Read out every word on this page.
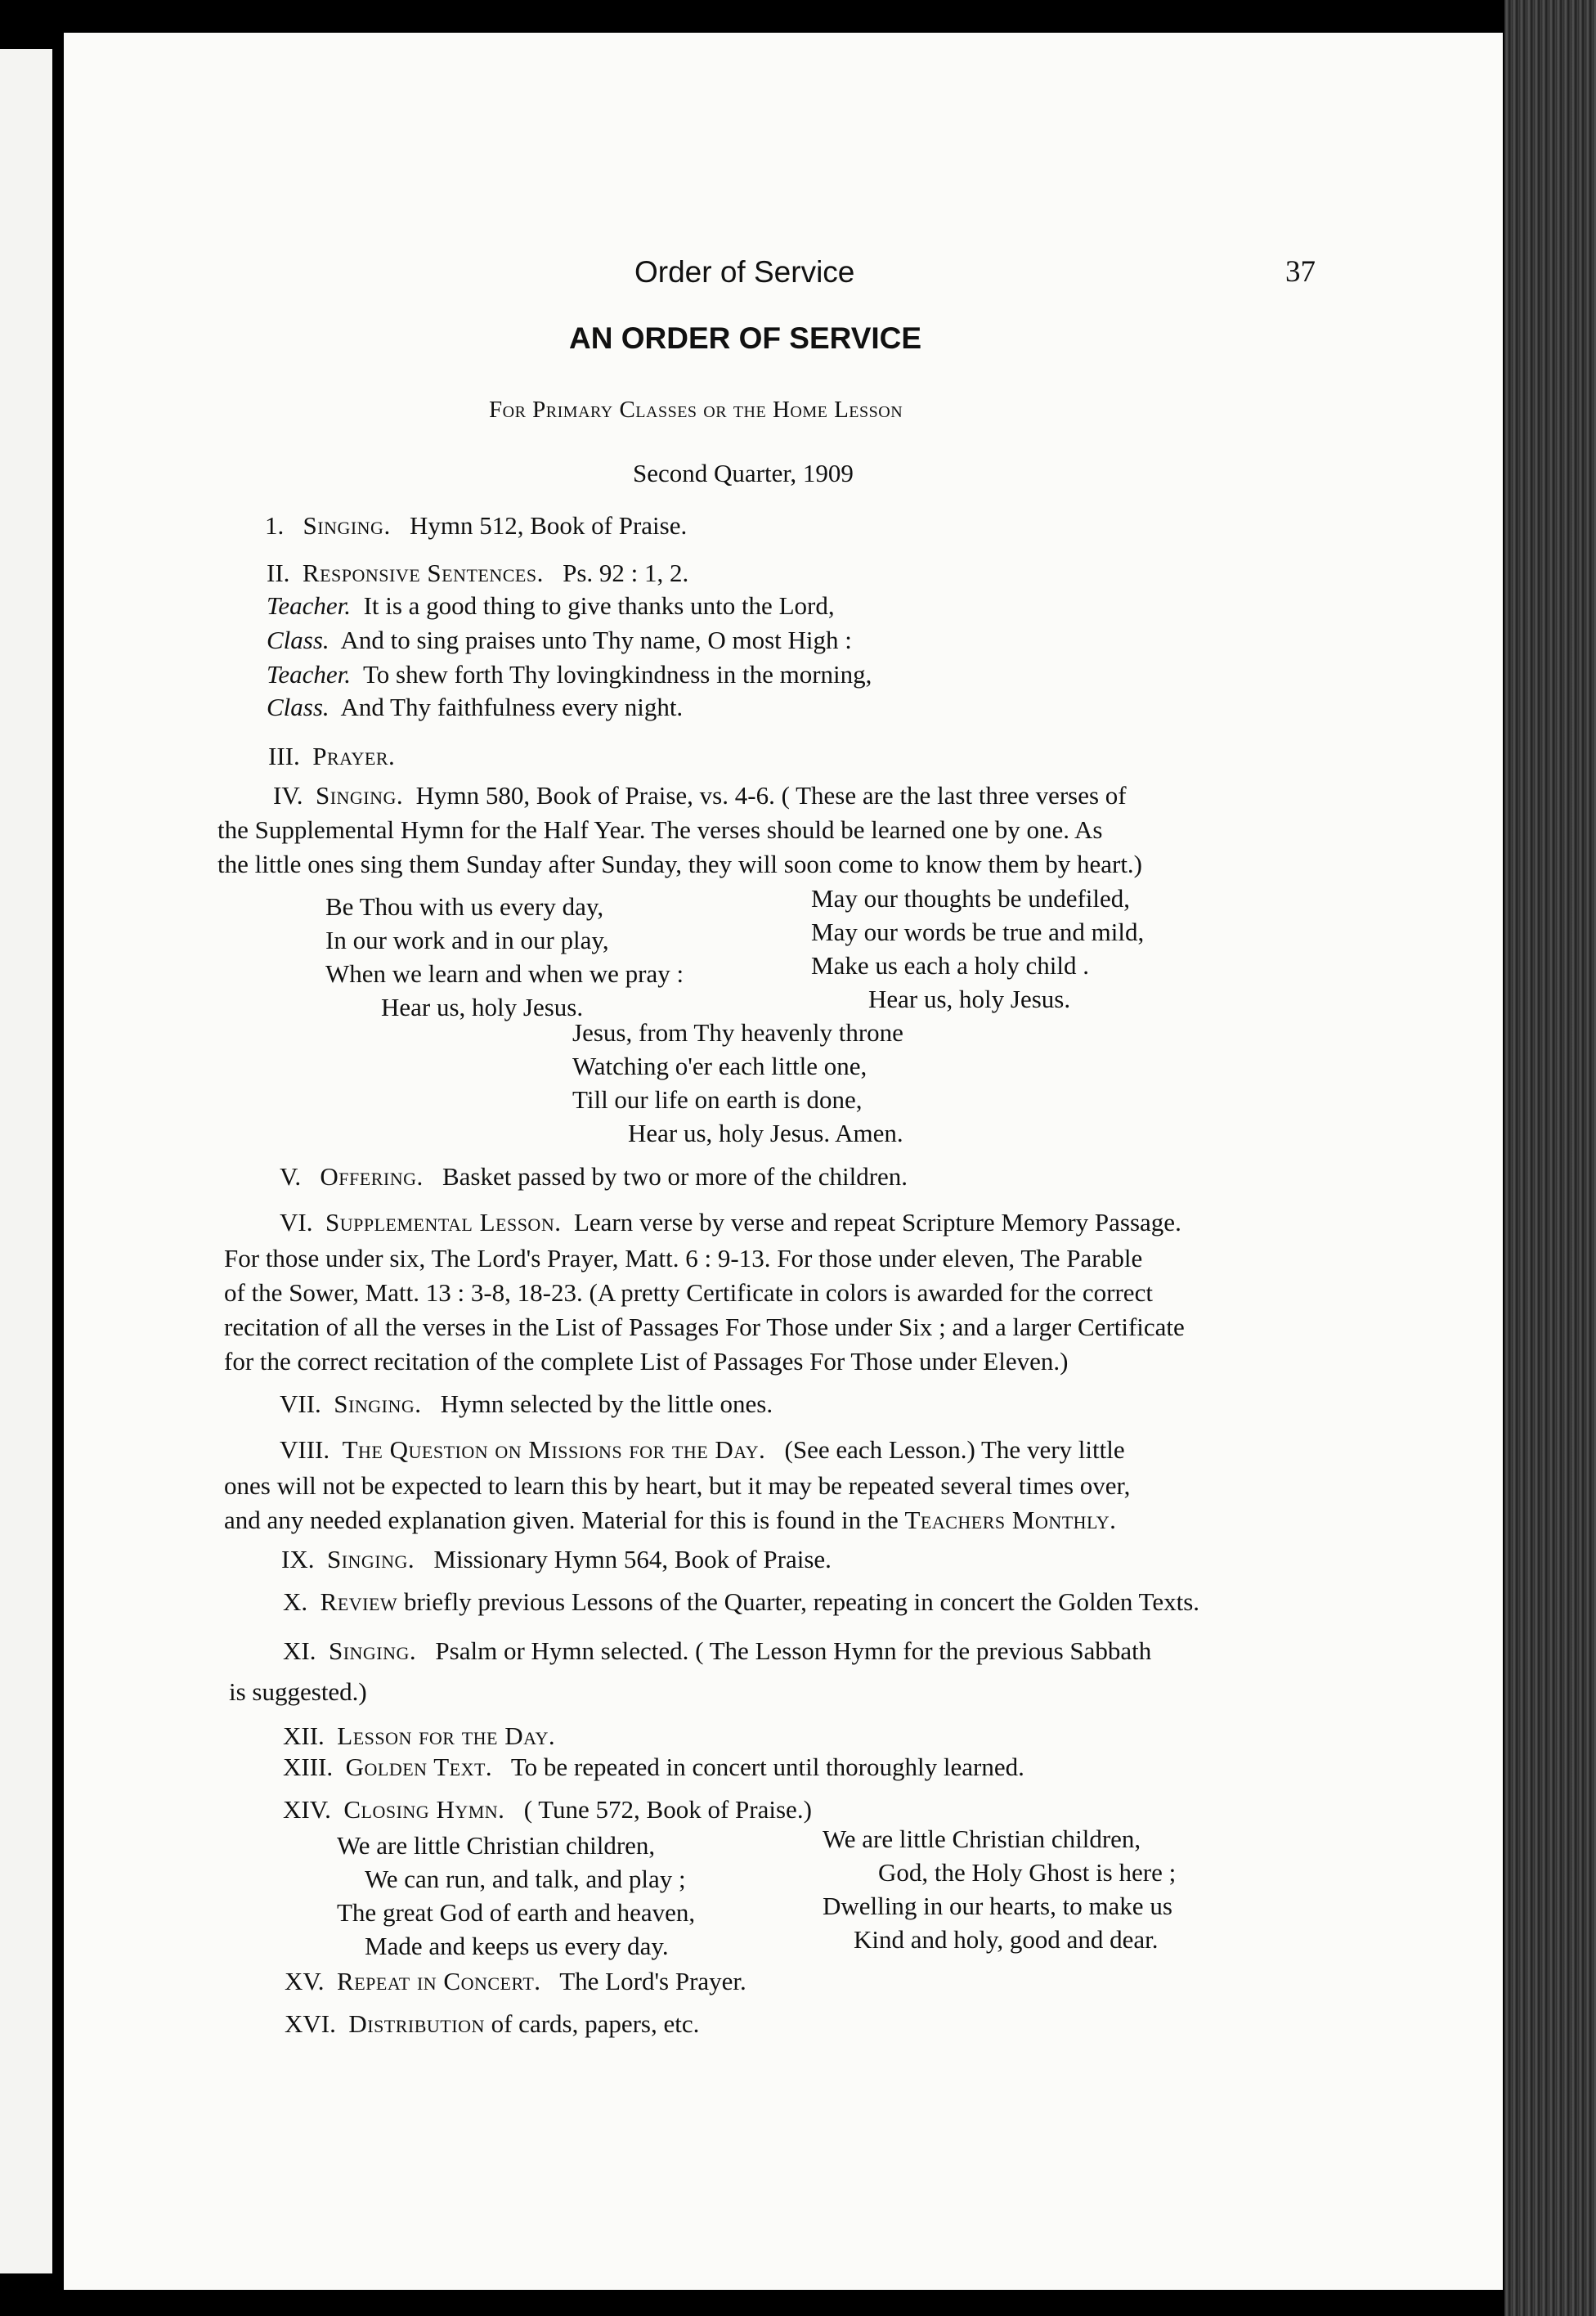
Order of Service	37
AN ORDER OF SERVICE
For Primary Classes or the Home Lesson
Second Quarter, 1909
1. Singing. Hymn 512, Book of Praise.
II. Responsive Sentences. Ps. 92 : 1, 2.
Teacher. It is a good thing to give thanks unto the Lord,
Class. And to sing praises unto Thy name, O most High :
Teacher. To shew forth Thy lovingkindness in the morning,
Class. And Thy faithfulness every night.
III. Prayer.
IV. Singing. Hymn 580, Book of Praise, vs. 4-6. ( These are the last three verses of
the Supplemental Hymn for the Half Year. The verses should be learned one by one. As
the little ones sing them Sunday after Sunday, they will soon come to know them by heart.)
Be Thou with us every day,
In our work and in our play,
When we learn and when we pray :
Hear us, holy Jesus.
May our thoughts be undefiled,
May our words be true and mild,
Make us each a holy child .
Hear us, holy Jesus.
Jesus, from Thy heavenly throne
Watching o'er each little one,
Till our life on earth is done,
Hear us, holy Jesus. Amen.
V. Offering. Basket passed by two or more of the children.
VI. Supplemental Lesson. Learn verse by verse and repeat Scripture Memory Passage.
For those under six, The Lord's Prayer, Matt. 6 : 9-13. For those under eleven, The Parable
of the Sower, Matt. 13 : 3-8, 18-23. (A pretty Certificate in colors is awarded for the correct
recitation of all the verses in the List of Passages For Those under Six ; and a larger Certificate
for the correct recitation of the complete List of Passages For Those under Eleven.)
VII. Singing. Hymn selected by the little ones.
VIII. The Question on Missions for the Day. (See each Lesson.) The very little
ones will not be expected to learn this by heart, but it may be repeated several times over,
and any needed explanation given. Material for this is found in the Teachers Monthly.
IX. Singing. Missionary Hymn 564, Book of Praise.
X. Review briefly previous Lessons of the Quarter, repeating in concert the Golden Texts.
XI. Singing. Psalm or Hymn selected. ( The Lesson Hymn for the previous Sabbath
is suggested.)
XII. Lesson for the Day.
XIII. Golden Text. To be repeated in concert until thoroughly learned.
XIV. Closing Hymn. ( Tune 572, Book of Praise.)
We are little Christian children,
We can run, and talk, and play ;
The great God of earth and heaven,
Made and keeps us every day.
We are little Christian children,
God, the Holy Ghost is here ;
Dwelling in our hearts, to make us
Kind and holy, good and dear.
XV. Repeat in Concert. The Lord's Prayer.
XVI. Distribution of cards, papers, etc.
